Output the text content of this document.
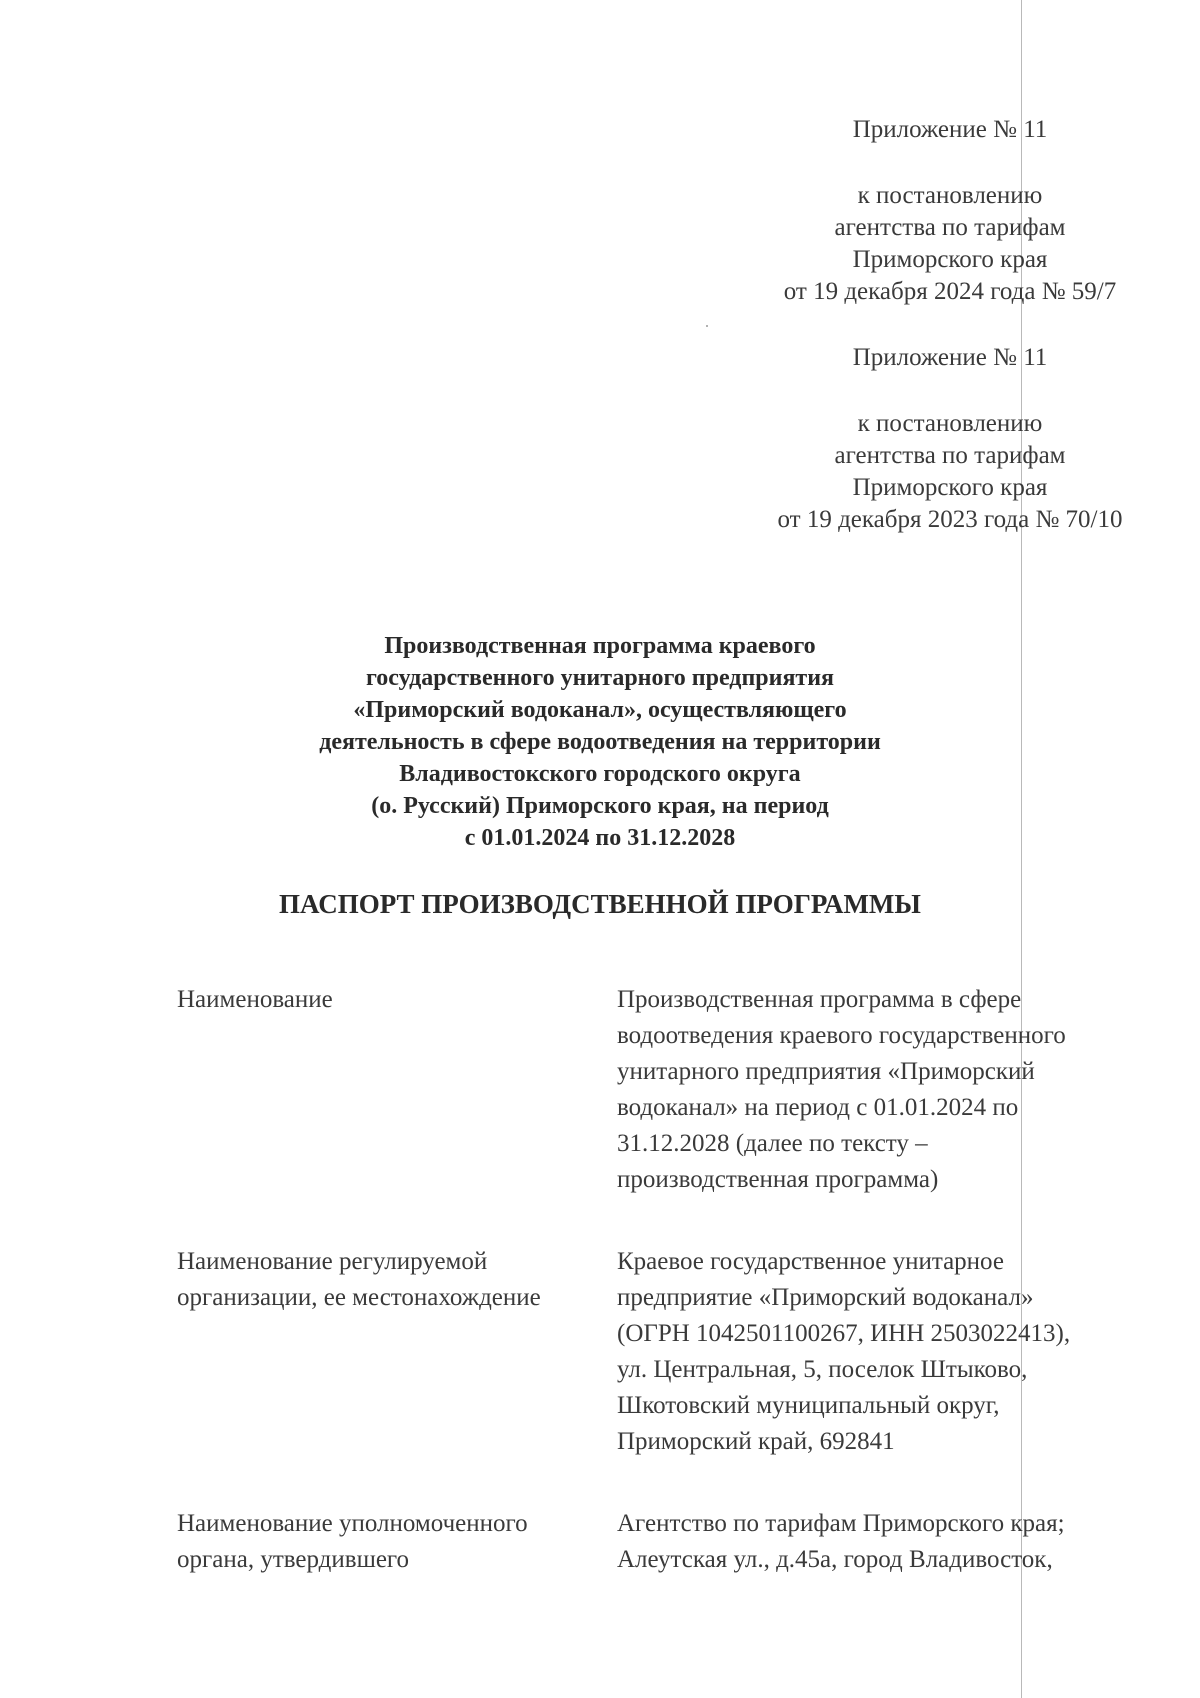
Приложение № 11
к постановлению
агентства по тарифам
Приморского края
от 19 декабря 2024 года № 59/7
Приложение № 11
к постановлению
агентства по тарифам
Приморского края
от 19 декабря 2023 года № 70/10
Производственная программа краевого
государственного унитарного предприятия
«Приморский водоканал», осуществляющего
деятельность в сфере водоотведения на территории
Владивостокского городского округа
(о. Русский) Приморского края, на период
с 01.01.2024 по 31.12.2028
ПАСПОРТ ПРОИЗВОДСТВЕННОЙ ПРОГРАММЫ
Наименование	Производственная программа в сфере
водоотведения краевого государственного
унитарного предприятия «Приморский
водоканал» на период с 01.01.2024 по
31.12.2028 (далее по тексту –
производственная программа)
Наименование регулируемой
организации, ее местонахождение
Краевое государственное унитарное
предприятие «Приморский водоканал»
(ОГРН 1042501100267, ИНН 2503022413),
ул. Центральная, 5, поселок Штыково,
Шкотовский муниципальный округ,
Приморский край, 692841
Наименование уполномоченного
органа, утвердившего
Агентство по тарифам Приморского края;
Алеутская ул., д.45а, город Владивосток,
